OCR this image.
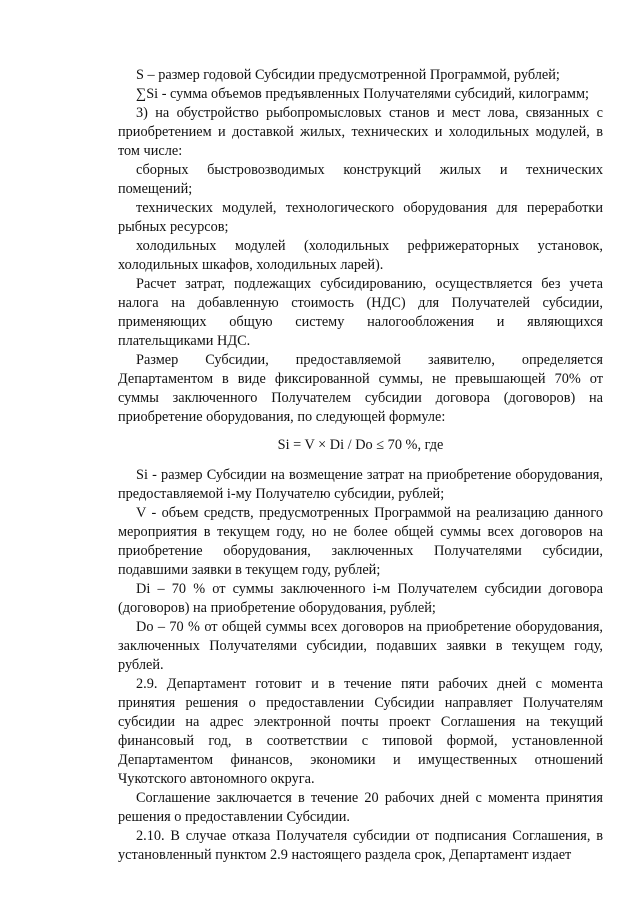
S – размер годовой Субсидии предусмотренной Программой, рублей;

∑Si - сумма объемов предъявленных Получателями субсидий, килограмм;

3) на обустройство рыбопромысловых станов и мест лова, связанных с приобретением и доставкой жилых, технических и холодильных модулей, в том числе:

сборных быстровозводимых конструкций жилых и технических помещений;

технических модулей, технологического оборудования для переработки рыбных ресурсов;

холодильных модулей (холодильных рефрижераторных установок, холодильных шкафов, холодильных ларей).

Расчет затрат, подлежащих субсидированию, осуществляется без учета налога на добавленную стоимость (НДС) для Получателей субсидии, применяющих общую систему налогообложения и являющихся плательщиками НДС.

Размер Субсидии, предоставляемой заявителю, определяется Департаментом в виде фиксированной суммы, не превышающей 70% от суммы заключенного Получателем субсидии договора (договоров) на приобретение оборудования, по следующей формуле:

Si = V × Di / Do ≤ 70 %, где

Si - размер Субсидии на возмещение затрат на приобретение оборудования, предоставляемой i-му Получателю субсидии, рублей;

V - объем средств, предусмотренных Программой на реализацию данного мероприятия в текущем году, но не более общей суммы всех договоров на приобретение оборудования, заключенных Получателями субсидии, подавшими заявки в текущем году, рублей;

Di – 70 % от суммы заключенного i-м Получателем субсидии договора (договоров) на приобретение оборудования, рублей;

Do – 70 % от общей суммы всех договоров на приобретение оборудования, заключенных Получателями субсидии, подавших заявки в текущем году, рублей.

2.9. Департамент готовит и в течение пяти рабочих дней с момента принятия решения о предоставлении Субсидии направляет Получателям субсидии на адрес электронной почты проект Соглашения на текущий финансовый год, в соответствии с типовой формой, установленной Департаментом финансов, экономики и имущественных отношений Чукотского автономного округа.

Соглашение заключается в течение 20 рабочих дней с момента принятия решения о предоставлении Субсидии.

2.10. В случае отказа Получателя субсидии от подписания Соглашения, в установленный пунктом 2.9 настоящего раздела срок, Департамент издает
